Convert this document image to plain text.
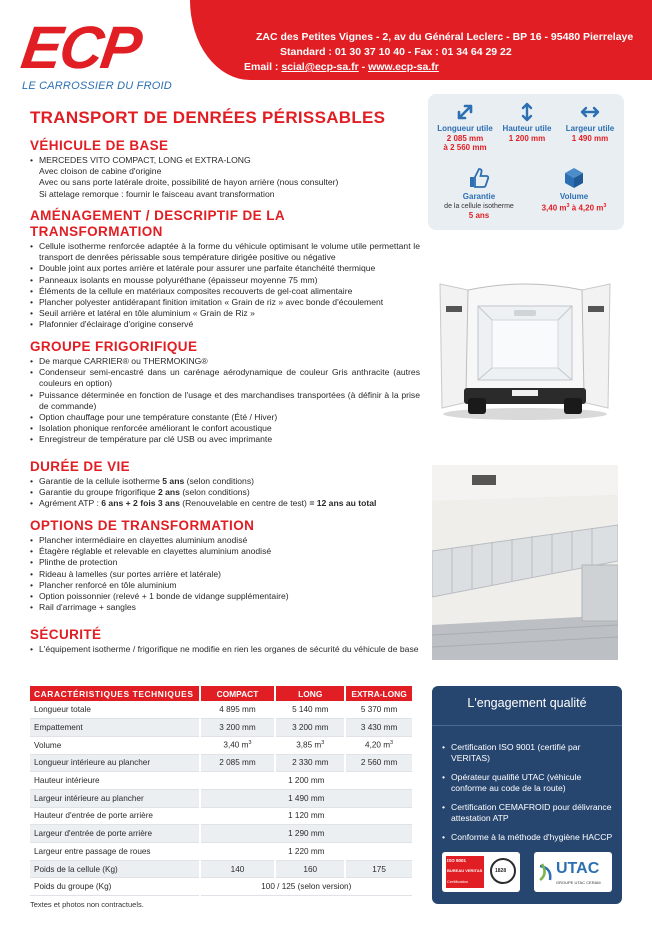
ECP
LE CARROSSIER DU FROID
ZAC des Petites Vignes - 2, av du Général Leclerc - BP 16 - 95480 Pierrelaye
Standard : 01 30 37 10 40 - Fax : 01 34 64 29 22
Email : scial@ecp-sa.fr - www.ecp-sa.fr
TRANSPORT DE DENRÉES PÉRISSABLES
VÉHICULE DE BASE
• MERCEDES VITO COMPACT, LONG et EXTRA-LONG
Avec cloison de cabine d'origine
Avec ou sans porte latérale droite, possibilité de hayon arrière (nous consulter)
Si attelage remorque : fournir le faisceau avant transformation
AMÉNAGEMENT / DESCRIPTIF DE LA TRANSFORMATION
• Cellule isotherme renforcée adaptée à la forme du véhicule optimisant le volume utile permettant le transport de denrées périssable sous température dirigée positive ou négative
• Double joint aux portes arrière et latérale pour assurer une parfaite étanchéité thermique
• Panneaux isolants en mousse polyuréthane (épaisseur moyenne 75 mm)
• Éléments de la cellule en matériaux composites recouverts de gel-coat alimentaire
• Plancher polyester antidérapant finition imitation « Grain de riz » avec bonde d'écoulement
• Seuil arrière et latéral en tôle aluminium « Grain de Riz »
• Plafonnier d'éclairage d'origine conservé
GROUPE FRIGORIFIQUE
• De marque CARRIER® ou THERMOKING®
• Condenseur semi-encastré dans un carénage aérodynamique de couleur Gris anthracite (autres couleurs en option)
• Puissance déterminée en fonction de l'usage et des marchandises transportées (à définir à la prise de commande)
• Option chauffage pour une température constante (Été / Hiver)
• Isolation phonique renforcée améliorant le confort acoustique
• Enregistreur de température par clé USB ou avec imprimante
DURÉE DE VIE
• Garantie de la cellule isotherme 5 ans (selon conditions)
• Garantie du groupe frigorifique 2 ans (selon conditions)
• Agrément ATP : 6 ans + 2 fois 3 ans (Renouvelable en centre de test) = 12 ans au total
OPTIONS DE TRANSFORMATION
• Plancher intermédiaire en clayettes aluminium anodisé
• Étagère réglable et relevable en clayettes aluminium anodisé
• Plinthe de protection
• Rideau à lamelles (sur portes arrière et latérale)
• Plancher renforcé en tôle aluminium
• Option poissonnier (relevé + 1 bonde de vidange supplémentaire)
• Rail d'arrimage + sangles
SÉCURITÉ
• L'équipement isotherme / frigorifique ne modifie en rien les organes de sécurité du véhicule de base
Longueur utile
2 085 mm
à 2 560 mm
Hauteur utile
1 200 mm
Largeur utile
1 490 mm
Garantie
de la cellule isotherme
5 ans
Volume
3,40 $m^3$ à 4,20 $m^3$
CARACTÉRISTIQUES TECHNIQUES	COMPACT	LONG	EXTRA-LONG
Longueur totale	4 895 mm	5 140 mm	5 370 mm
Empattement	3 200 mm	3 200 mm	3 430 mm
Volume	3,40 $m^3$	3,85 $m^3$	4,20 $m^3$
Longueur intérieure au plancher	2 085 mm	2 330 mm	2 560 mm
Hauteur intérieure	1 200 mm		
Largeur intérieure au plancher	1 490 mm		
Hauteur d'entrée de porte arrière	1 120 mm		
Largeur d'entrée de porte arrière	1 290 mm		
Largeur entre passage de roues	1 220 mm		
Poids de la cellule (Kg)	140	160	175
Poids du groupe (Kg)	100 / 125 (selon version)		
Textes et photos non contractuels.
L'engagement qualité
• Certification ISO 9001 (certifié par VERITAS)
• Opérateur qualifié UTAC (véhicule conforme au code de la route)
• Certification CEMAFROID pour délivrance attestation ATP
• Conforme à la méthode d'hygiène HACCP
ISO 9001
BUREAU VERITAS
Certification
1828	UTAC
GROUPE UTAC CERAM
